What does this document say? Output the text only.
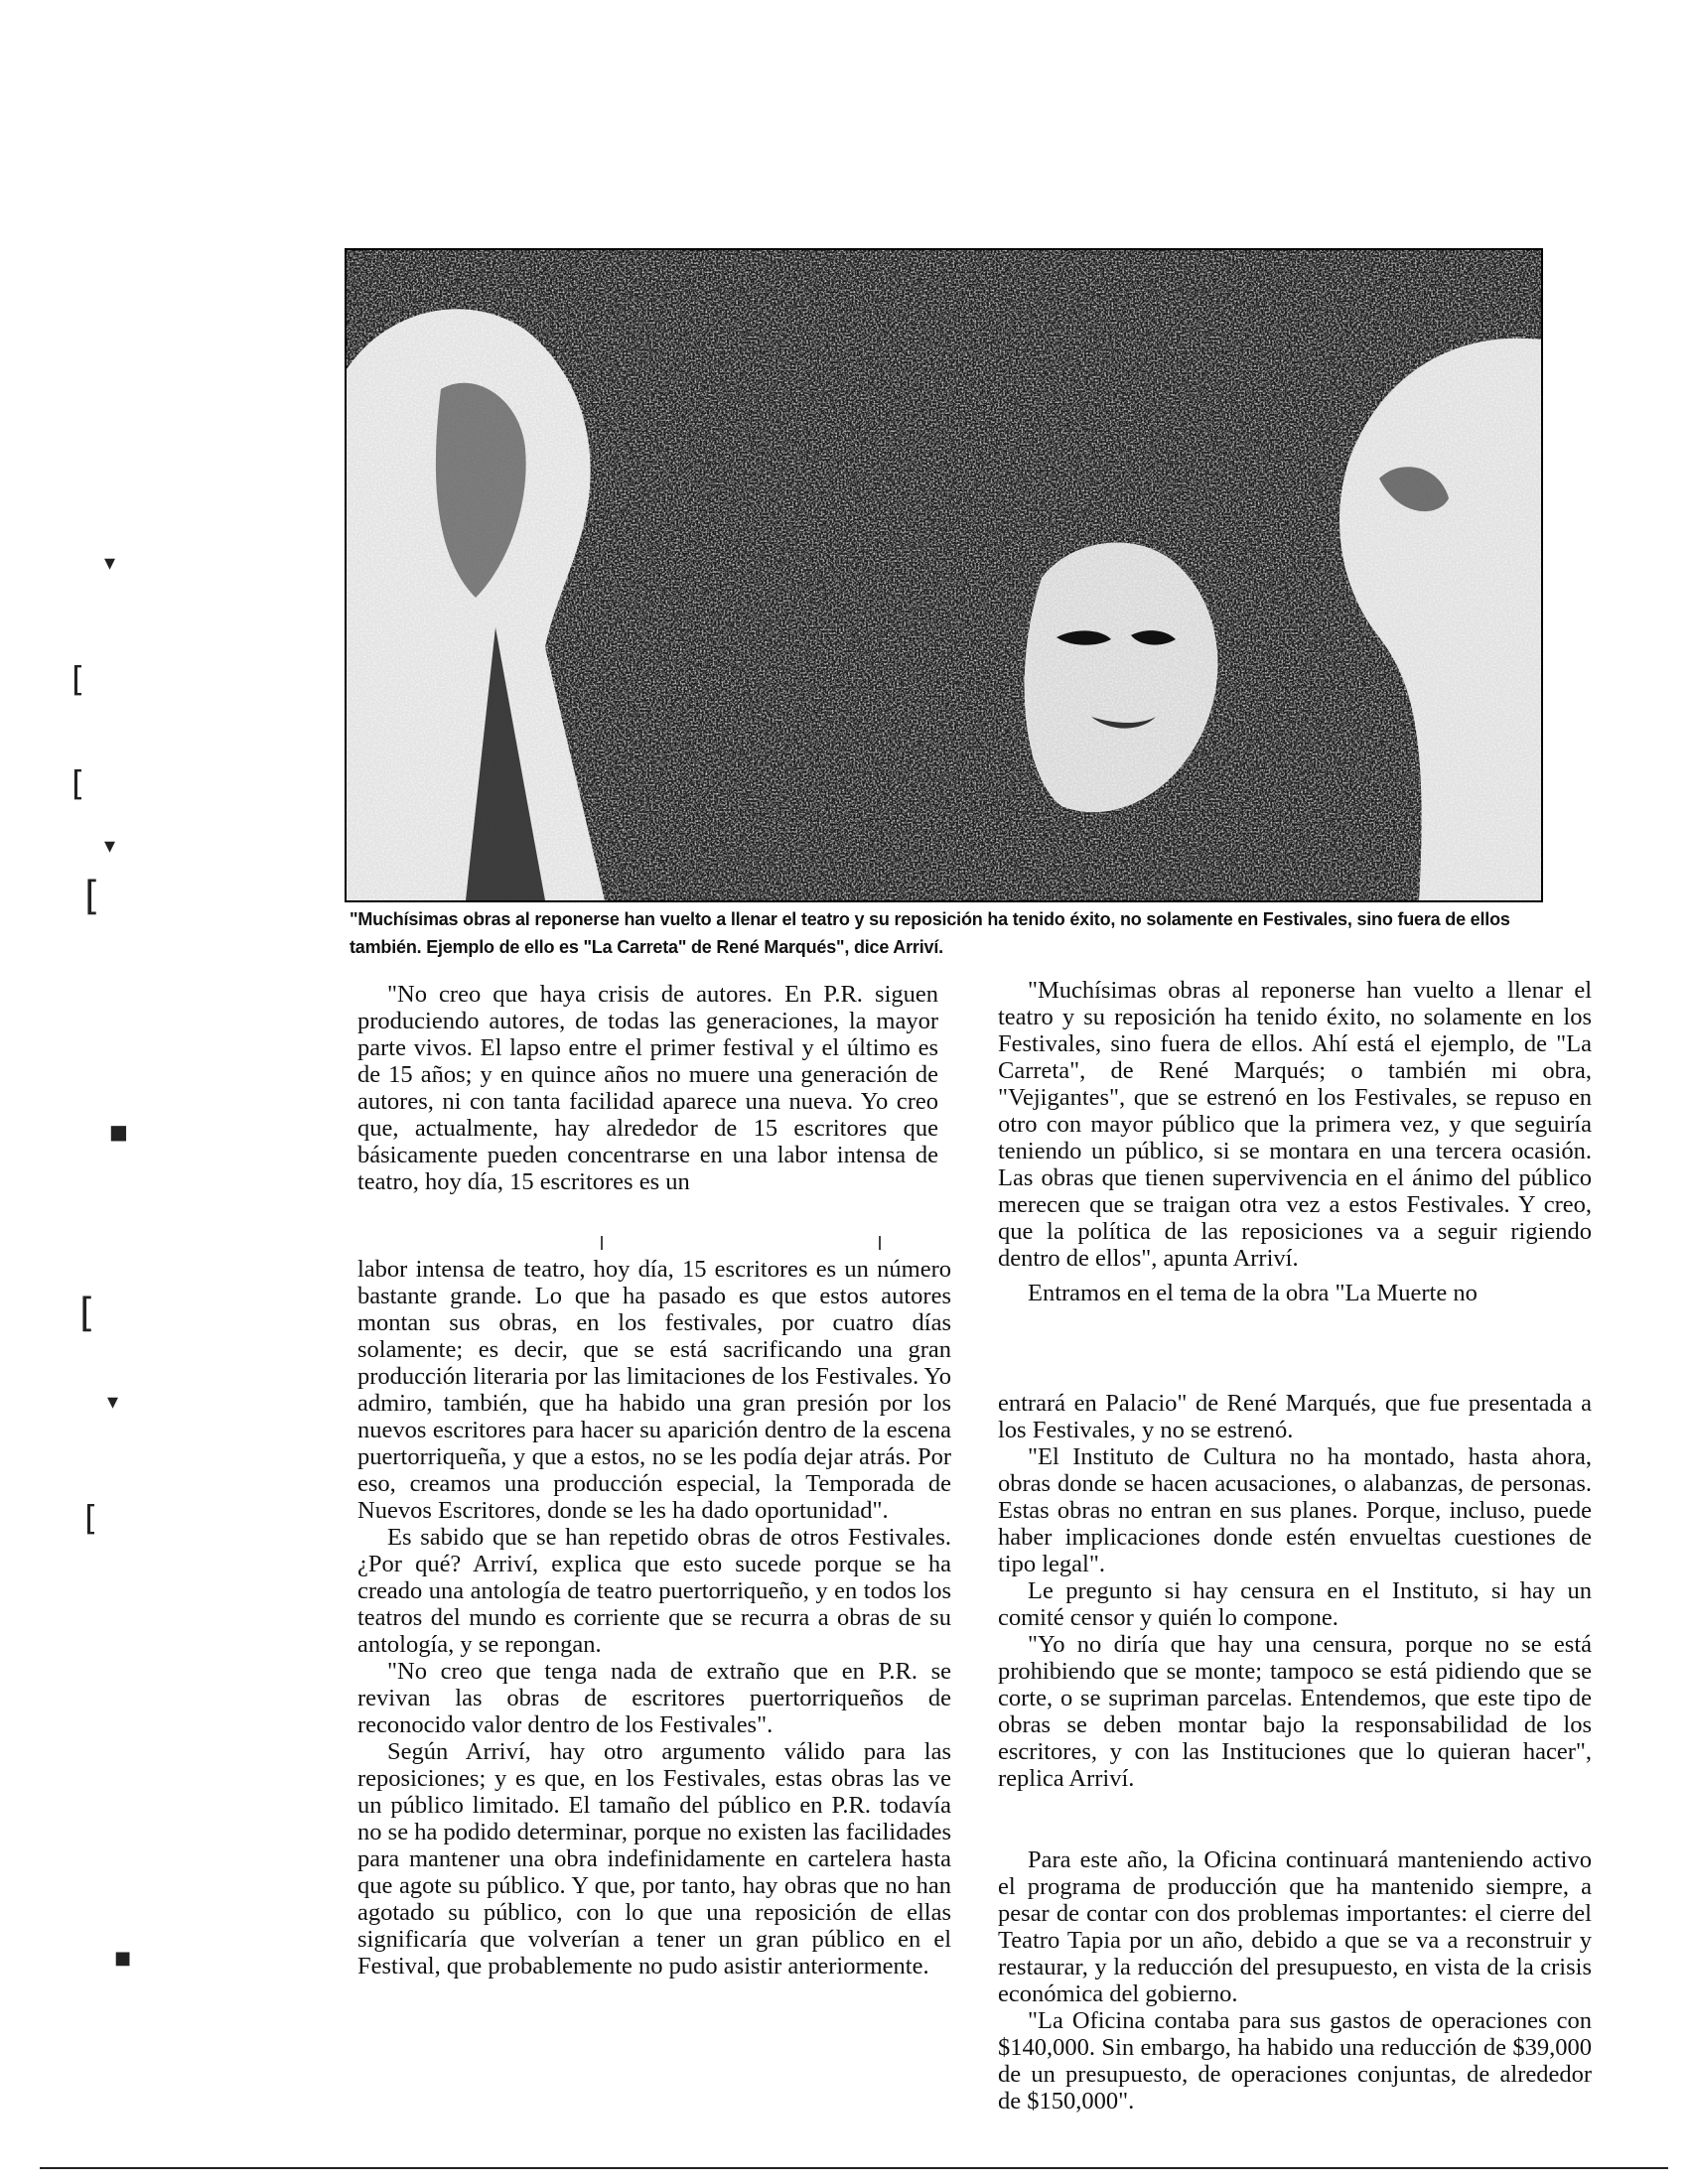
"Muchísimas obras al reponerse han vuelto a llenar el teatro y su reposición ha tenido éxito, no solamente en Festivales, sino fuera de ellos también. Ejemplo de ello es "La Carreta" de René Marqués", dice Arriví.

"No creo que haya crisis de autores. En P.R. siguen produciendo autores, de todas las generaciones, la mayor parte vivos. El lapso entre el primer festival y el último es de 15 años; y en quince años no muere una generación de autores, ni con tanta facilidad aparece una nueva. Yo creo que, actualmente, hay alrededor de 15 escritores que básicamente pueden concentrarse en una labor intensa de teatro, hoy día, 15 escritores es un

labor intensa de teatro, hoy día, 15 escritores es un número bastante grande. Lo que ha pasado es que estos autores montan sus obras, en los festivales, por cuatro días solamente; es decir, que se está sacrificando una gran producción literaria por las limitaciones de los Festivales. Yo admiro, también, que ha habido una gran presión por los nuevos escritores para hacer su aparición dentro de la escena puertorriqueña, y que a estos, no se les podía dejar atrás. Por eso, creamos una producción especial, la Temporada de Nuevos Escritores, donde se les ha dado oportunidad".

Es sabido que se han repetido obras de otros Festivales. ¿Por qué? Arriví, explica que esto sucede porque se ha creado una antología de teatro puertorriqueño, y en todos los teatros del mundo es corriente que se recurra a obras de su antología, y se repongan.

"No creo que tenga nada de extraño que en P.R. se revivan las obras de escritores puertorriqueños de reconocido valor dentro de los Festivales".

Según Arriví, hay otro argumento válido para las reposiciones; y es que, en los Festivales, estas obras las ve un público limitado. El tamaño del público en P.R. todavía no se ha podido determinar, porque no existen las facilidades para mantener una obra indefinidamente en cartelera hasta que agote su público. Y que, por tanto, hay obras que no han agotado su público, con lo que una reposición de ellas significaría que volverían a tener un gran público en el Festival, que probablemente no pudo asistir anteriormente.

"Muchísimas obras al reponerse han vuelto a llenar el teatro y su reposición ha tenido éxito, no solamente en los Festivales, sino fuera de ellos. Ahí está el ejemplo, de "La Carreta", de René Marqués; o también mi obra, "Vejigantes", que se estrenó en los Festivales, se repuso en otro con mayor público que la primera vez, y que seguiría teniendo un público, si se montara en una tercera ocasión. Las obras que tienen supervivencia en el ánimo del público merecen que se traigan otra vez a estos Festivales. Y creo, que la política de las reposiciones va a seguir rigiendo dentro de ellos", apunta Arriví.

Entramos en el tema de la obra "La Muerte no

entrará en Palacio" de René Marqués, que fue presentada a los Festivales, y no se estrenó.

"El Instituto de Cultura no ha montado, hasta ahora, obras donde se hacen acusaciones, o alabanzas, de personas. Estas obras no entran en sus planes. Porque, incluso, puede haber implicaciones donde estén envueltas cuestiones de tipo legal".

Le pregunto si hay censura en el Instituto, si hay un comité censor y quién lo compone.

"Yo no diría que hay una censura, porque no se está prohibiendo que se monte; tampoco se está pidiendo que se corte, o se supriman parcelas. Entendemos, que este tipo de obras se deben montar bajo la responsabilidad de los escritores, y con las Instituciones que lo quieran hacer", replica Arriví.

Para este año, la Oficina continuará manteniendo activo el programa de producción que ha mantenido siempre, a pesar de contar con dos problemas importantes: el cierre del Teatro Tapia por un año, debido a que se va a reconstruir y restaurar, y la reducción del presupuesto, en vista de la crisis económica del gobierno.

"La Oficina contaba para sus gastos de operaciones con $140,000. Sin embargo, ha habido una reducción de $39,000 de un presupuesto, de operaciones conjuntas, de alrededor de $150,000".

▾
[
[
▾
[
■
[
▾
[
■
